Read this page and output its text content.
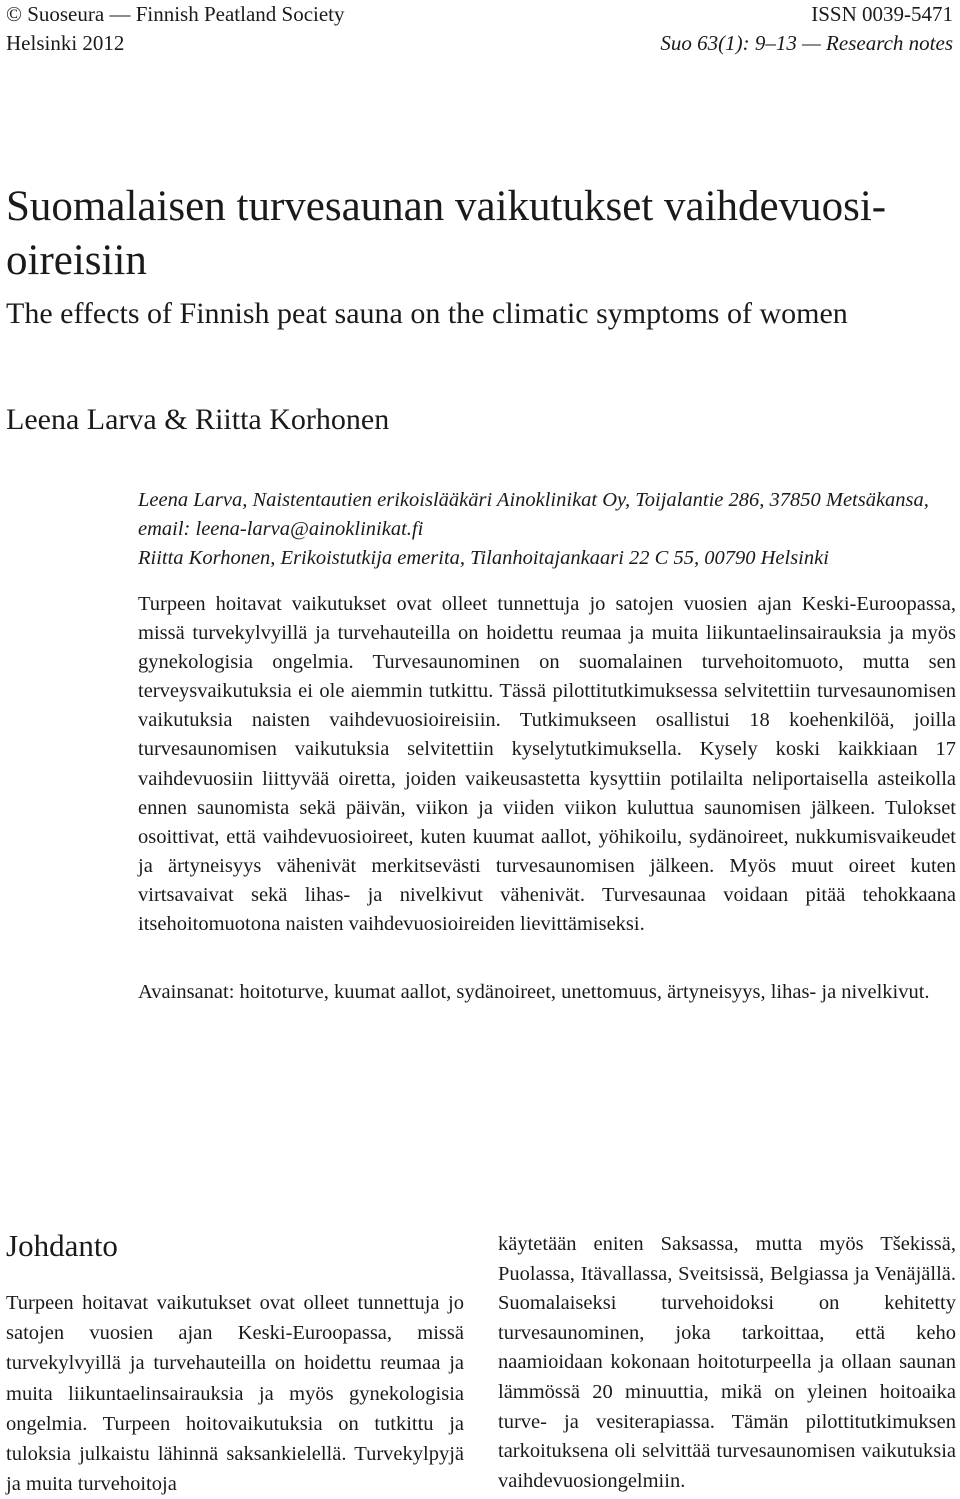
© Suoseura — Finnish Peatland Society
Helsinki 2012
ISSN 0039-5471
Suo 63(1): 9–13 — Research notes
Suomalaisen turvesaunan vaikutukset vaihdevuosioireisiin
The effects of Finnish peat sauna on the climatic symptoms of women
Leena Larva & Riitta Korhonen

Leena Larva, Naistentautien erikoislääkäri Ainoklinikat Oy, Toijalantie 286, 37850 Metsäkansa, email: leena-larva@ainoklinikat.fi

Riitta Korhonen, Erikoistutkija emerita, Tilanhoitajankaari 22 C 55, 00790 Helsinki

Turpeen hoitavat vaikutukset ovat olleet tunnettuja jo satojen vuosien ajan Keski-Euroopassa, missä turvekylvyillä ja turvehauteilla on hoidettu reumaa ja muita liikuntaelinsairauksia ja myös gynekologisia ongelmia. Turvesaunominen on suomalainen turvehoitomuoto, mutta sen terveysvaikutuksia ei ole aiemmin tutkittu. Tässä pilottitutkimuksessa selvitettiin turvesaunomisen vaikutuksia naisten vaihdevuosioireisiin. Tutkimukseen osallistui 18 koehenkilöä, joilla turvesaunomisen vaikutuksia selvitettiin kyselytutkimuksella. Kysely koski kaikkiaan 17 vaihdevuosiin liittyvää oiretta, joiden vaikeusastetta kysyttiin potilailta neliportaisella asteikolla ennen saunomista sekä päivän, viikon ja viiden viikon kuluttua saunomisen jälkeen. Tulokset osoittivat, että vaihdevuosioireet, kuten kuumat aallot, yöhikoilu, sydänoireet, nukkumisvaikeudet ja ärtyneisyys vähenivät merkitsevästi turvesaunomisen jälkeen. Myös muut oireet kuten virtsavaivat sekä lihas- ja nivelkivut vähenivät. Turvesaunaa voidaan pitää tehokkaana itsehoitomuotona naisten vaihdevuosioireiden lievittämiseksi.

Avainsanat: hoitoturve, kuumat aallot, sydänoireet, unettomuus, ärtyneisyys, lihas- ja nivelkivut.

Johdanto

Turpeen hoitavat vaikutukset ovat olleet tunnettuja jo satojen vuosien ajan Keski-Euroopassa, missä turvekylvyillä ja turvehauteilla on hoidettu reumaa ja muita liikuntaelinsairauksia ja myös gynekologisia ongelmia. Turpeen hoitovaikutuksia on tutkittu ja tuloksia julkaistu lähinnä saksankielellä. Turvekylpyjä ja muita turvehoitoja

käytetään eniten Saksassa, mutta myös Tšekissä, Puolassa, Itävallassa, Sveitsissä, Belgiassa ja Venäjällä. Suomalaiseksi turvehoidoksi on kehitetty turvesaunominen, joka tarkoittaa, että keho naamioidaan kokonaan hoitoturpeella ja ollaan saunan lämmössä 20 minuuttia, mikä on yleinen hoitoaika turve- ja vesiterapiassa. Tämän pilottitutkimuksen tarkoituksena oli selvittää turvesaunomisen vaikutuksia vaihdevuosiongelmiin.
